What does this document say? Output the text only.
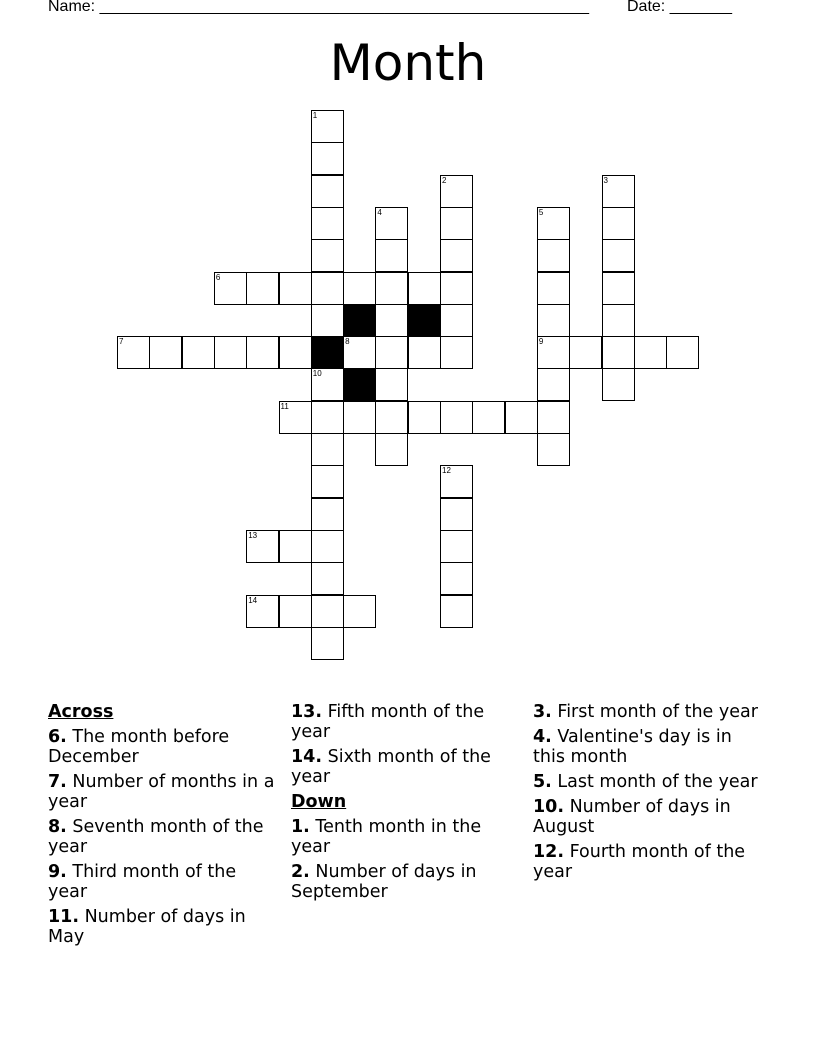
Name: _______________________________________________________ Date: _______
Month
1
10
2	3
4	5
9
6
7	8
11
12
13
14
Across
6. The month before December
7. Number of months in a year
8. Seventh month of the year
9. Third month of the year
11. Number of days in May
13. Fifth month of the year
14. Sixth month of the year
Down
1. Tenth month in the year
2. Number of days in September
3. First month of the year
4. Valentine's day is in this month
5. Last month of the year
10. Number of days in August
12. Fourth month of the year
